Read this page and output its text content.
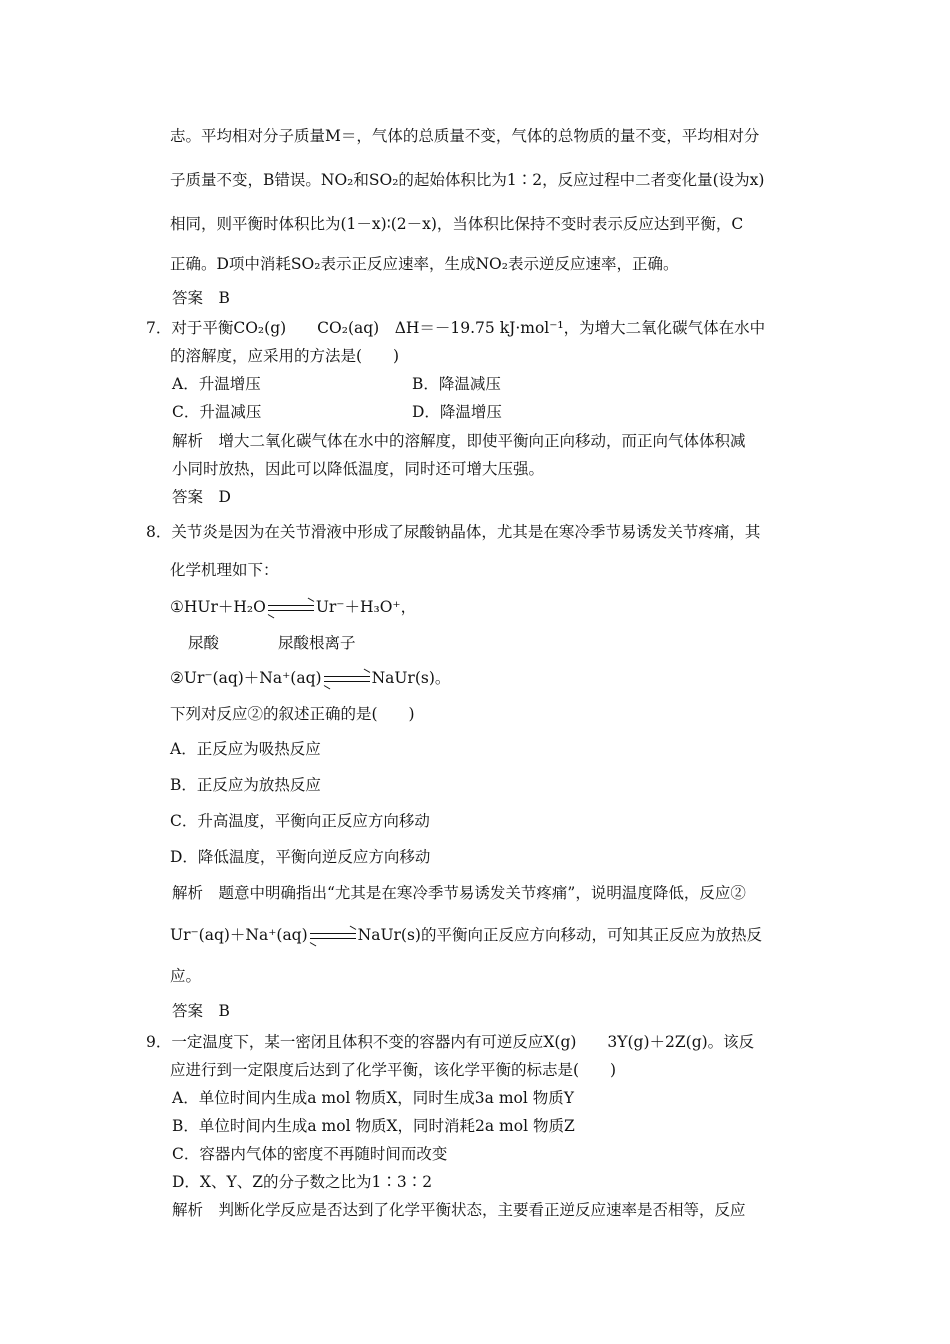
志。平均相对分子质量M＝，气体的总质量不变，气体的总物质的量不变，平均相对分
子质量不变，B错误。NO₂和SO₂的起始体积比为1∶2，反应过程中二者变化量(设为x)
相同，则平衡时体积比为(1－x)∶(2－x)，当体积比保持不变时表示反应达到平衡，C
正确。D项中消耗SO₂表示正反应速率，生成NO₂表示逆反应速率，正确。
答案　B
7．对于平衡CO₂(g)　　CO₂(aq)　ΔH＝－19.75 kJ·mol⁻¹，为增大二氧化碳气体在水中
的溶解度，应采用的方法是(　　)
A．升温增压	B．降温减压
C．升温减压	D．降温增压
解析　增大二氧化碳气体在水中的溶解度，即使平衡向正向移动，而正向气体体积减
小同时放热，因此可以降低温度，同时还可增大压强。
答案　D
8．关节炎是因为在关节滑液中形成了尿酸钠晶体，尤其是在寒冷季节易诱发关节疼痛，其
化学机理如下：
①HUr＋H₂O	Ur⁻＋H₃O⁺，
尿酸	尿酸根离子
②Ur⁻(aq)＋Na⁺(aq)	NaUr(s)。
下列对反应②的叙述正确的是(　　)
A．正反应为吸热反应
B．正反应为放热反应
C．升高温度，平衡向正反应方向移动
D．降低温度，平衡向逆反应方向移动
解析　题意中明确指出“尤其是在寒冷季节易诱发关节疼痛”，说明温度降低，反应②
Ur⁻(aq)＋Na⁺(aq)	NaUr(s)的平衡向正反应方向移动，可知其正反应为放热反
应。
答案　B
9．一定温度下，某一密闭且体积不变的容器内有可逆反应X(g)　　3Y(g)＋2Z(g)。该反
应进行到一定限度后达到了化学平衡，该化学平衡的标志是(　　)
A．单位时间内生成a mol 物质X，同时生成3a mol 物质Y
B．单位时间内生成a mol 物质X，同时消耗2a mol 物质Z
C．容器内气体的密度不再随时间而改变
D．X、Y、Z的分子数之比为1∶3∶2
解析　判断化学反应是否达到了化学平衡状态，主要看正逆反应速率是否相等，反应
